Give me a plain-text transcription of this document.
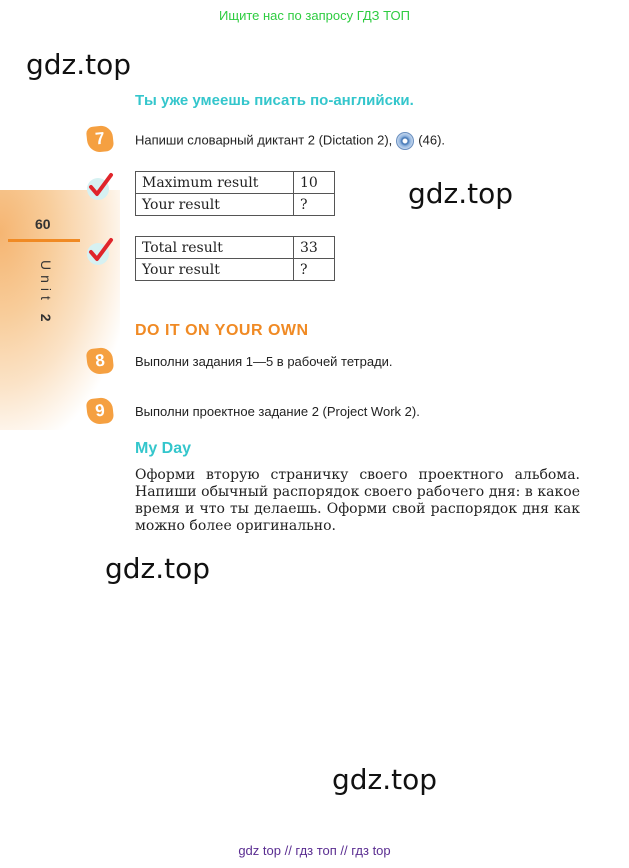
Ищите нас по запросу ГДЗ ТОП
gdz.top
gdz.top
gdz.top
gdz.top
60
Unit 2
Ты уже умеешь писать по-английски.
7	Напиши словарный диктант 2 (Dictation 2), (46).
Maximum result	10
Your result	?
Total result	33
Your result	?
DO IT ON YOUR OWN
8	Выполни задания 1—5 в рабочей тетради.
9	Выполни проектное задание 2 (Project Work 2).
My Day
Оформи вторую страничку своего проектного альбома. Напиши обычный распорядок своего рабочего дня: в какое время и что ты делаешь. Оформи свой распорядок дня как можно более оригинально.
gdz top // гдз топ // гдз top
